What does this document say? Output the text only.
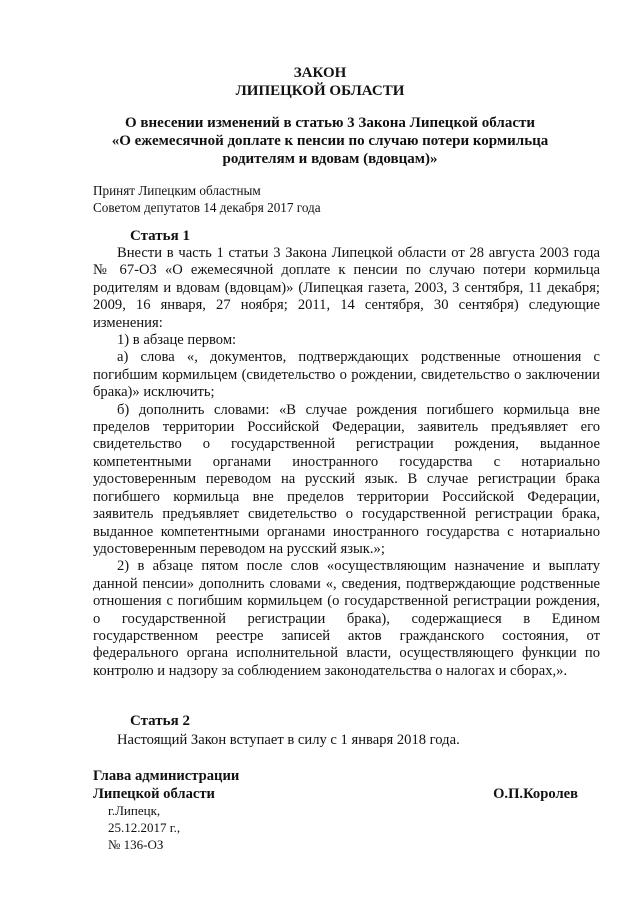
ЗАКОН
ЛИПЕЦКОЙ ОБЛАСТИ
О внесении изменений в статью 3 Закона Липецкой области
«О ежемесячной доплате к пенсии по случаю потери кормильца
родителям и вдовам (вдовцам)»
Принят Липецким областным
Советом депутатов 14 декабря 2017 года
Статья 1

Внести в часть 1 статьи 3 Закона Липецкой области от 28 августа 2003 года № 67-ОЗ «О ежемесячной доплате к пенсии по случаю потери кормильца родителям и вдовам (вдовцам)» (Липецкая газета, 2003, 3 сентября, 11 декабря; 2009, 16 января, 27 ноября; 2011, 14 сентября, 30 сентября) следующие изменения:

1) в абзаце первом:

а) слова «, документов, подтверждающих родственные отношения с погибшим кормильцем (свидетельство о рождении, свидетельство о заключении брака)» исключить;

б) дополнить словами: «В случае рождения погибшего кормильца вне пределов территории Российской Федерации, заявитель предъявляет его свидетельство о государственной регистрации рождения, выданное компетентными органами иностранного государства с нотариально удостоверенным переводом на русский язык. В случае регистрации брака погибшего кормильца вне пределов территории Российской Федерации, заявитель предъявляет свидетельство о государственной регистрации брака, выданное компетентными органами иностранного государства с нотариально удостоверенным переводом на русский язык.»;

2) в абзаце пятом после слов «осуществляющим назначение и выплату данной пенсии» дополнить словами «, сведения, подтверждающие родственные отношения с погибшим кормильцем (о государственной регистрации рождения, о государственной регистрации брака), содержащиеся в Едином государственном реестре записей актов гражданского состояния, от федерального органа исполнительной власти, осуществляющего функции по контролю и надзору за соблюдением законодательства о налогах и сборах,».

Статья 2

Настоящий Закон вступает в силу с 1 января 2018 года.

Глава администрации
Липецкой области	О.П.Королев
г.Липецк,
25.12.2017 г.,
№ 136-ОЗ
